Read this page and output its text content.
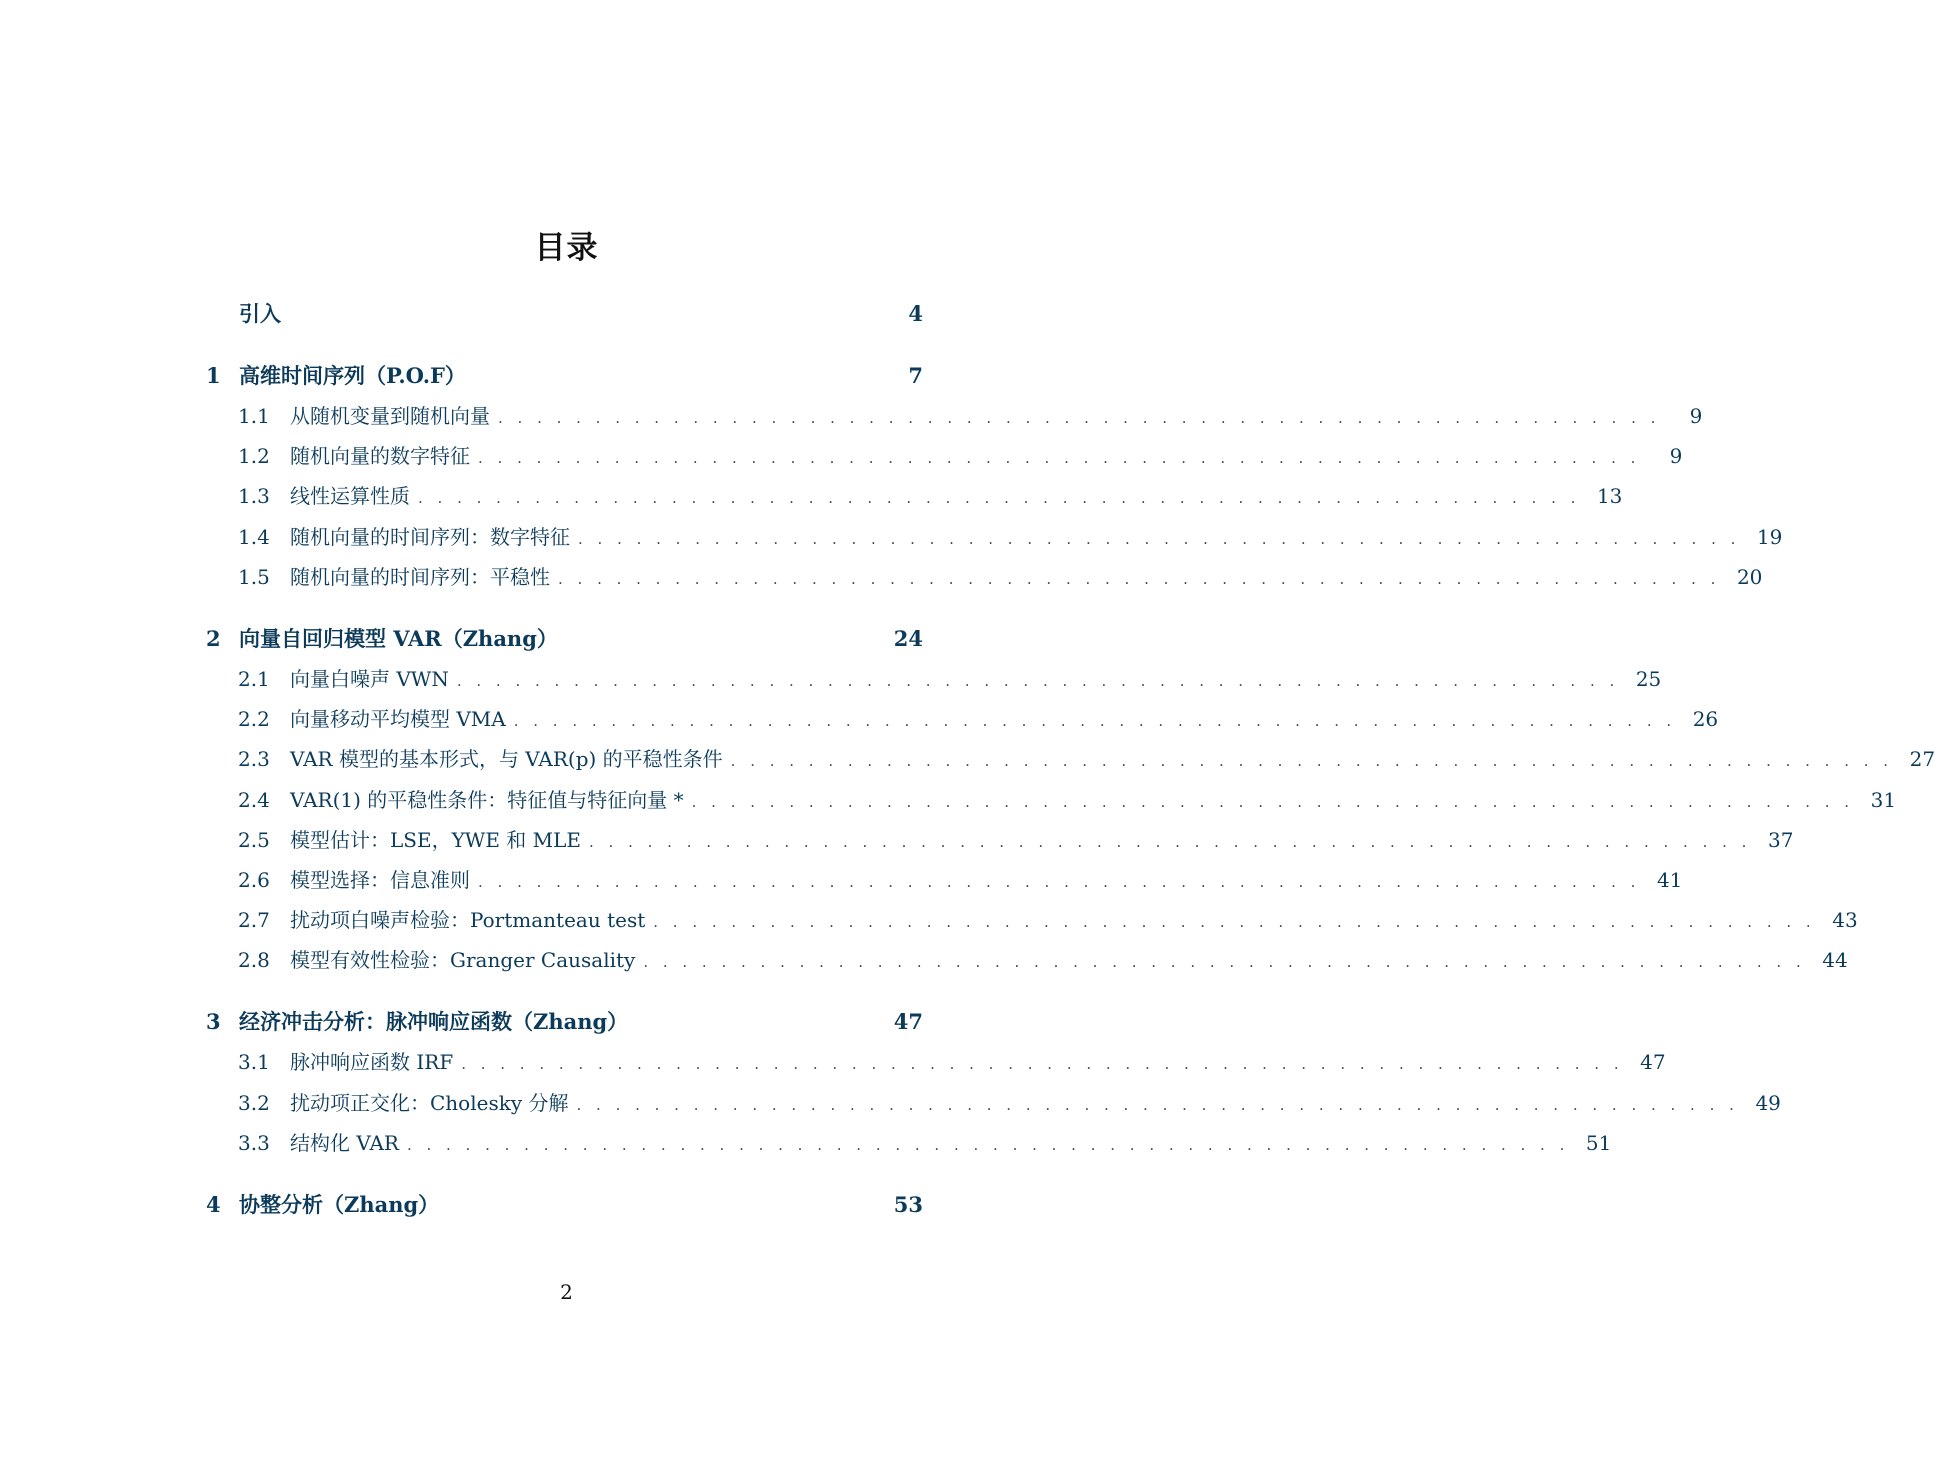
目录
引入	4
1 高维时间序列（P.O.F）	7
1.1	从随机变量到随机向量 . . . . . . . . . . . . . . . . . . . . . . . . . . . . . . . . . . . . . . . . . . . . . . . . . . . . . . . . . . . .	9
1.2	随机向量的数字特征 . . . . . . . . . . . . . . . . . . . . . . . . . . . . . . . . . . . . . . . . . . . . . . . . . . . . . . . . . . . .	9
1.3	线性运算性质 . . . . . . . . . . . . . . . . . . . . . . . . . . . . . . . . . . . . . . . . . . . . . . . . . . . . . . . . . . . . 13
1.4	随机向量的时间序列：数字特征 . . . . . . . . . . . . . . . . . . . . . . . . . . . . . . . . . . . . . . . . . . . . . . . . . . . . . . . . . . . . 19
1.5	随机向量的时间序列：平稳性 . . . . . . . . . . . . . . . . . . . . . . . . . . . . . . . . . . . . . . . . . . . . . . . . . . . . . . . . . . . . 20
2 向量自回归模型 VAR（Zhang）	24
2.1	向量白噪声 VWN . . . . . . . . . . . . . . . . . . . . . . . . . . . . . . . . . . . . . . . . . . . . . . . . . . . . . . . . . . . . 25
2.2	向量移动平均模型 VMA . . . . . . . . . . . . . . . . . . . . . . . . . . . . . . . . . . . . . . . . . . . . . . . . . . . . . . . . . . . . 26
2.3	VAR 模型的基本形式，与 VAR(p) 的平稳性条件 . . . . . . . . . . . . . . . . . . . . . . . . . . . . . . . . . . . . . . . . . . . . . . . . . . . . . . . . . . . . 27
2.4	VAR(1) 的平稳性条件：特征值与特征向量 * . . . . . . . . . . . . . . . . . . . . . . . . . . . . . . . . . . . . . . . . . . . . . . . . . . . . . . . . . . . . 31
2.5	模型估计：LSE，YWE 和 MLE . . . . . . . . . . . . . . . . . . . . . . . . . . . . . . . . . . . . . . . . . . . . . . . . . . . . . . . . . . . . 37
2.6	模型选择：信息准则 . . . . . . . . . . . . . . . . . . . . . . . . . . . . . . . . . . . . . . . . . . . . . . . . . . . . . . . . . . . . 41
2.7	扰动项白噪声检验：Portmanteau test . . . . . . . . . . . . . . . . . . . . . . . . . . . . . . . . . . . . . . . . . . . . . . . . . . . . . . . . . . . . 43
2.8	模型有效性检验：Granger Causality . . . . . . . . . . . . . . . . . . . . . . . . . . . . . . . . . . . . . . . . . . . . . . . . . . . . . . . . . . . . 44
3 经济冲击分析：脉冲响应函数（Zhang）	47
3.1	脉冲响应函数 IRF . . . . . . . . . . . . . . . . . . . . . . . . . . . . . . . . . . . . . . . . . . . . . . . . . . . . . . . . . . . . 47
3.2	扰动项正交化：Cholesky 分解 . . . . . . . . . . . . . . . . . . . . . . . . . . . . . . . . . . . . . . . . . . . . . . . . . . . . . . . . . . . . 49
3.3	结构化 VAR . . . . . . . . . . . . . . . . . . . . . . . . . . . . . . . . . . . . . . . . . . . . . . . . . . . . . . . . . . . . 51
4 协整分析（Zhang）	53
2
